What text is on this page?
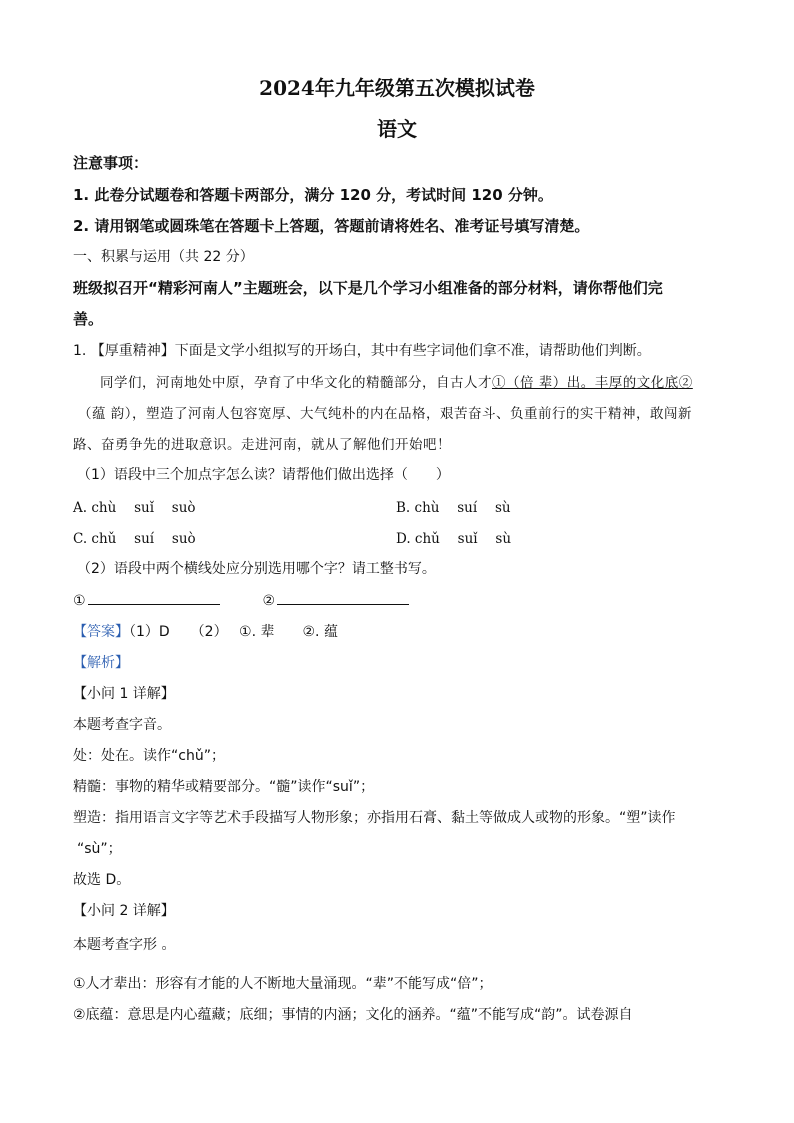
2024年九年级第五次模拟试卷
语文
注意事项：
1. 此卷分试题卷和答题卡两部分，满分 120 分，考试时间 120 分钟。
2. 请用钢笔或圆珠笔在答题卡上答题，答题前请将姓名、准考证号填写清楚。
一、积累与运用（共 22 分）
班级拟召开“精彩河南人”主题班会，以下是几个学习小组准备的部分材料，请你帮他们完
善。
1. 【厚重精神】下面是文学小组拟写的开场白，其中有些字词他们拿不准，请帮助他们判断。
同学们，河南地处中原，孕育了中华文化的精髓部分，自古人才①（倍 辈）出。丰厚的文化底②
（蕴 韵），塑造了河南人包容宽厚、大气纯朴的内在品格，艰苦奋斗、负重前行的实干精神，敢闯新
路、奋勇争先的进取意识。走进河南，就从了解他们开始吧！
（1）语段中三个加点字怎么读？请帮他们做出选择（　　）
A. chù　 suǐ　 suò	B. chù　 suí　 sù
C. chǔ　 suí　 suò	D. chǔ　 suǐ　 sù
（2）语段中两个横线处应分别选用哪个字？请工整书写。
①	②
【答案】（1）D　　（2）　 ①. 辈　　②. 蕴
【解析】
【小问 1 详解】
本题考查字音。
处：处在。读作“chǔ”；
精髓：事物的精华或精要部分。“髓”读作“suǐ”；
塑造：指用语言文字等艺术手段描写人物形象；亦指用石膏、黏土等做成人或物的形象。“塑”读作
“sù”；
故选 D。
【小问 2 详解】
本题考查字形 。
①人才辈出：形容有才能的人不断地大量涌现。“辈”不能写成“倍”；
②底蕴：意思是内心蕴藏；底细；事情的内涵；文化的涵养。“蕴”不能写成“韵”。试卷源自
